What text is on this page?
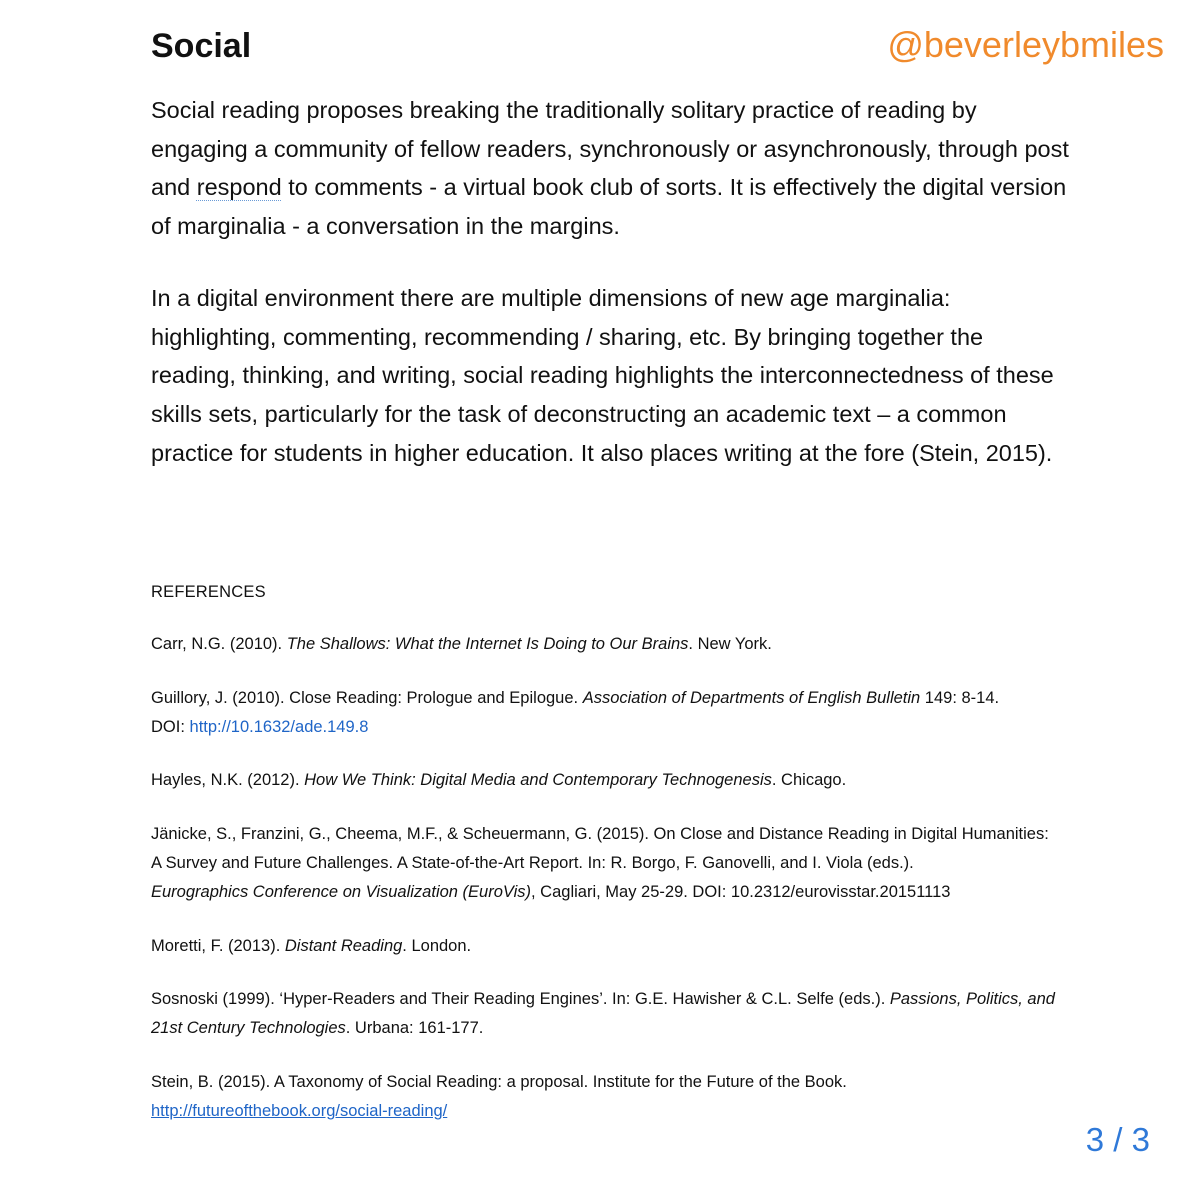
Social	@beverleybmiles

Social reading proposes breaking the traditionally solitary practice of reading by engaging a community of fellow readers, synchronously or asynchronously, through post and respond to comments - a virtual book club of sorts. It is effectively the digital version of marginalia - a conversation in the margins.

In a digital environment there are multiple dimensions of new age marginalia: highlighting, commenting, recommending / sharing, etc. By bringing together the reading, thinking, and writing, social reading highlights the interconnectedness of these skills sets, particularly for the task of deconstructing an academic text – a common practice for students in higher education. It also places writing at the fore (Stein, 2015).

REFERENCES

Carr, N.G. (2010). The Shallows: What the Internet Is Doing to Our Brains. New York.

Guillory, J. (2010). Close Reading: Prologue and Epilogue. Association of Departments of English Bulletin 149: 8-14.
DOI: http://10.1632/ade.149.8

Hayles, N.K. (2012). How We Think: Digital Media and Contemporary Technogenesis. Chicago.

Jänicke, S., Franzini, G., Cheema, M.F., & Scheuermann, G. (2015). On Close and Distance Reading in Digital Humanities: A Survey and Future Challenges. A State-of-the-Art Report. In: R. Borgo, F. Ganovelli, and I. Viola (eds.).
Eurographics Conference on Visualization (EuroVis), Cagliari, May 25-29. DOI: 10.2312/eurovisstar.20151113

Moretti, F. (2013). Distant Reading. London.

Sosnoski (1999). ‘Hyper-Readers and Their Reading Engines’. In: G.E. Hawisher & C.L. Selfe (eds.). Passions, Politics, and 21st Century Technologies. Urbana: 161-177.

Stein, B. (2015). A Taxonomy of Social Reading: a proposal. Institute for the Future of the Book.
http://futureofthebook.org/social-reading/

3 / 3
